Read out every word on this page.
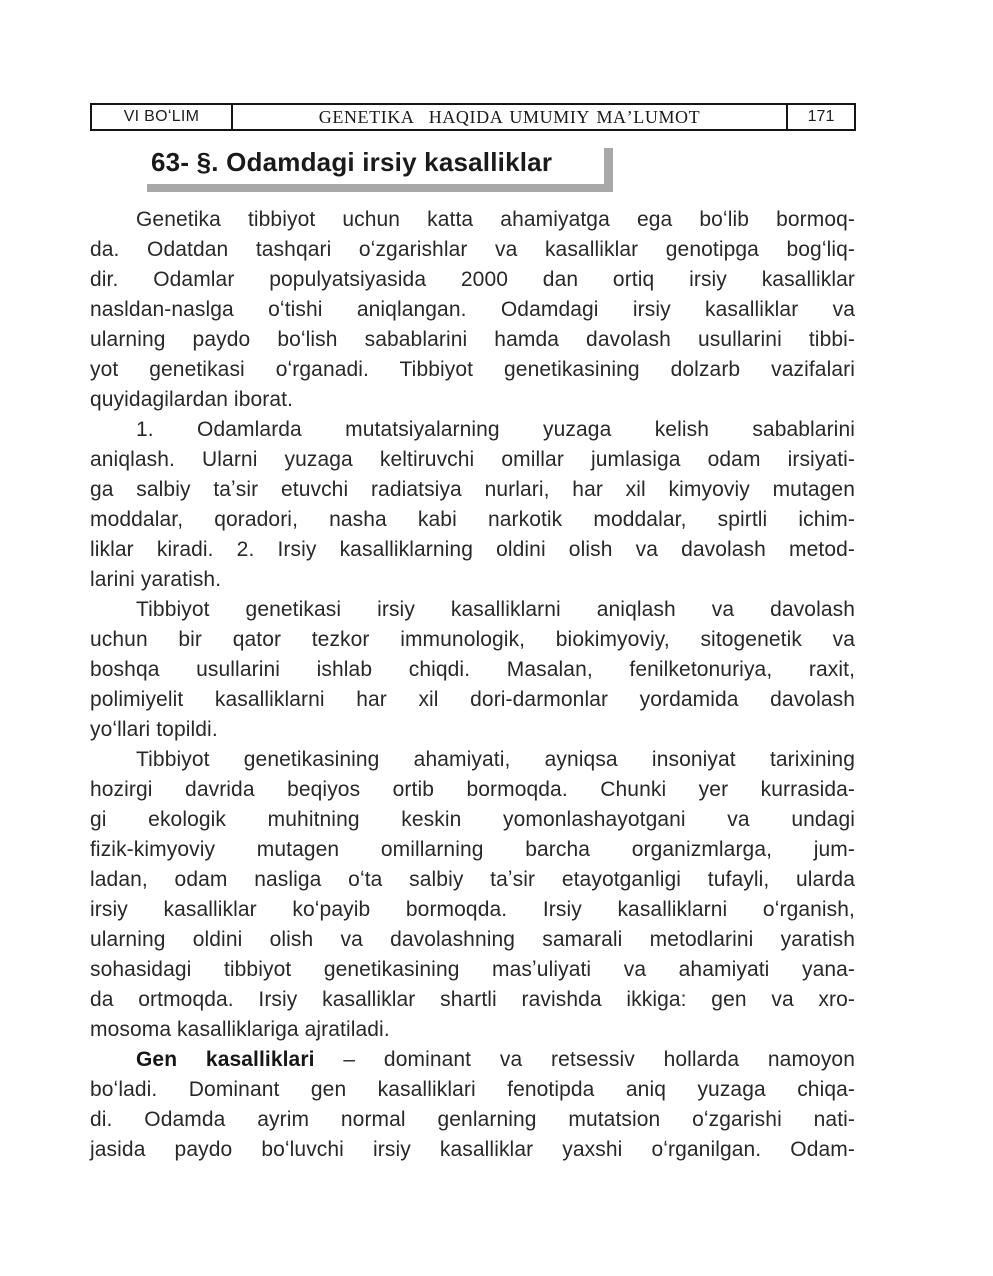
VI BOʻLIM	GENETIKA  HAQIDA UMUMIY MAʼLUMOT	171
63- §. Odamdagi irsiy kasalliklar
Genetika tibbiyot uchun katta ahamiyatga ega boʻlib bormoq-
da. Odatdan tashqari oʻzgarishlar va kasalliklar genotipga bogʻliq-
dir. Odamlar populyatsiyasida 2000 dan ortiq irsiy kasalliklar
nasldan-naslga oʻtishi aniqlangan. Odamdagi irsiy kasalliklar va
ularning paydo boʻlish sabablarini hamda davolash usullarini tibbi-
yot genetikasi oʻrganadi. Tibbiyot genetikasining dolzarb vazifalari
quyidagilardan iborat.
1. Odamlarda mutatsiyalarning yuzaga kelish sabablarini
aniqlash. Ularni yuzaga keltiruvchi omillar jumlasiga odam irsiyati-
ga salbiy taʼsir etuvchi radiatsiya nurlari, har xil kimyoviy mutagen
moddalar, qoradori, nasha kabi narkotik moddalar, spirtli ichim-
liklar kiradi. 2. Irsiy kasalliklarning oldini olish va davolash metod-
larini yaratish.
Tibbiyot genetikasi irsiy kasalliklarni aniqlash va davolash
uchun bir qator tezkor immunologik, biokimyoviy, sitogenetik va
boshqa usullarini ishlab chiqdi. Masalan, fenilketonuriya, raxit,
polimiyelit kasalliklarni har xil dori-darmonlar yordamida davolash
yoʻllari topildi.
Tibbiyot genetikasining ahamiyati, ayniqsa insoniyat tarixining
hozirgi davrida beqiyos ortib bormoqda. Chunki yer kurrasida-
gi ekologik muhitning keskin yomonlashayotgani va undagi
fizik-kimyoviy mutagen omillarning barcha organizmlarga, jum-
ladan, odam nasliga oʻta salbiy taʼsir etayotganligi tufayli, ularda
irsiy kasalliklar koʻpayib bormoqda. Irsiy kasalliklarni oʻrganish,
ularning oldini olish va davolashning samarali metodlarini yaratish
sohasidagi tibbiyot genetikasining masʼuliyati va ahamiyati yana-
da ortmoqda. Irsiy kasalliklar shartli ravishda ikkiga: gen va xro-
mosoma kasalliklariga ajratiladi.
Gen kasalliklari – dominant va retsessiv hollarda namoyon
boʻladi. Dominant gen kasalliklari fenotipda aniq yuzaga chiqa-
di. Odamda ayrim normal genlarning mutatsion oʻzgarishi nati-
jasida paydo boʻluvchi irsiy kasalliklar yaxshi oʻrganilgan. Odam-
